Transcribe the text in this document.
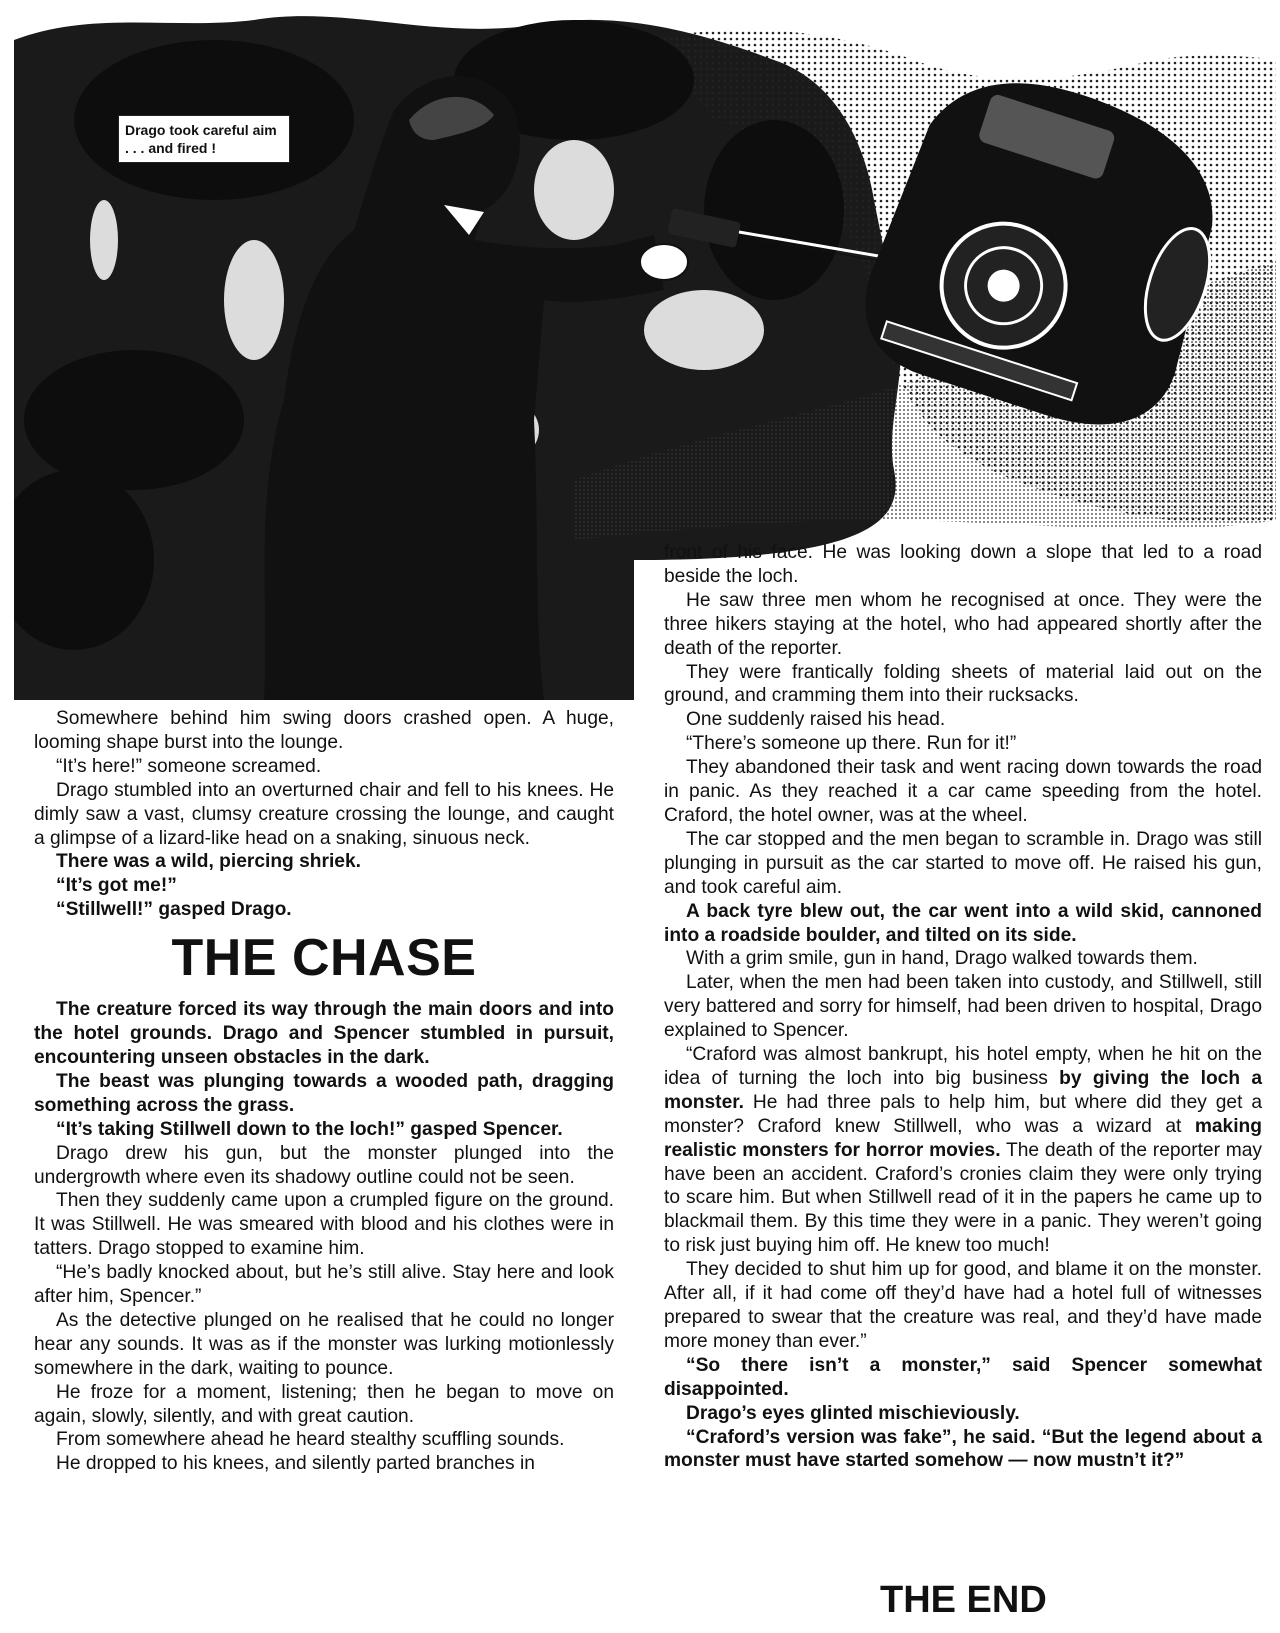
Drago took careful aim . . . and fired !

Somewhere behind him swing doors crashed open. A huge, looming shape burst into the lounge.

“It’s here!” someone screamed.

Drago stumbled into an overturned chair and fell to his knees. He dimly saw a vast, clumsy creature crossing the lounge, and caught a glimpse of a lizard-like head on a snaking, sinuous neck.

There was a wild, piercing shriek.

“It’s got me!”

“Stillwell!” gasped Drago.

THE CHASE

The creature forced its way through the main doors and into the hotel grounds. Drago and Spencer stumbled in pursuit, encountering unseen obstacles in the dark.

The beast was plunging towards a wooded path, dragging something across the grass.

“It’s taking Stillwell down to the loch!” gasped Spencer.

Drago drew his gun, but the monster plunged into the undergrowth where even its shadowy outline could not be seen.

Then they suddenly came upon a crumpled figure on the ground. It was Stillwell. He was smeared with blood and his clothes were in tatters. Drago stopped to examine him.

“He’s badly knocked about, but he’s still alive. Stay here and look after him, Spencer.”

As the detective plunged on he realised that he could no longer hear any sounds. It was as if the monster was lurking motionlessly somewhere in the dark, waiting to pounce.

He froze for a moment, listening; then he began to move on again, slowly, silently, and with great caution.

From somewhere ahead he heard stealthy scuffling sounds.

He dropped to his knees, and silently parted branches in

front of his face. He was looking down a slope that led to a road beside the loch.

He saw three men whom he recognised at once. They were the three hikers staying at the hotel, who had appeared shortly after the death of the reporter.

They were frantically folding sheets of material laid out on the ground, and cramming them into their rucksacks.

One suddenly raised his head.

“There’s someone up there. Run for it!”

They abandoned their task and went racing down towards the road in panic. As they reached it a car came speeding from the hotel. Craford, the hotel owner, was at the wheel.

The car stopped and the men began to scramble in. Drago was still plunging in pursuit as the car started to move off. He raised his gun, and took careful aim.

A back tyre blew out, the car went into a wild skid, cannoned into a roadside boulder, and tilted on its side.

With a grim smile, gun in hand, Drago walked towards them.

Later, when the men had been taken into custody, and Stillwell, still very battered and sorry for himself, had been driven to hospital, Drago explained to Spencer.

“Craford was almost bankrupt, his hotel empty, when he hit on the idea of turning the loch into big business by giving the loch a monster. He had three pals to help him, but where did they get a monster? Craford knew Stillwell, who was a wizard at making realistic monsters for horror movies. The death of the reporter may have been an accident. Craford’s cronies claim they were only trying to scare him. But when Stillwell read of it in the papers he came up to blackmail them. By this time they were in a panic. They weren’t going to risk just buying him off. He knew too much!

They decided to shut him up for good, and blame it on the monster. After all, if it had come off they’d have had a hotel full of witnesses prepared to swear that the creature was real, and they’d have made more money than ever.”

“So there isn’t a monster,” said Spencer somewhat disappointed.

Drago’s eyes glinted mischieviously.

“Craford’s version was fake”, he said. “But the legend about a monster must have started somehow — now mustn’t it?”

THE END
